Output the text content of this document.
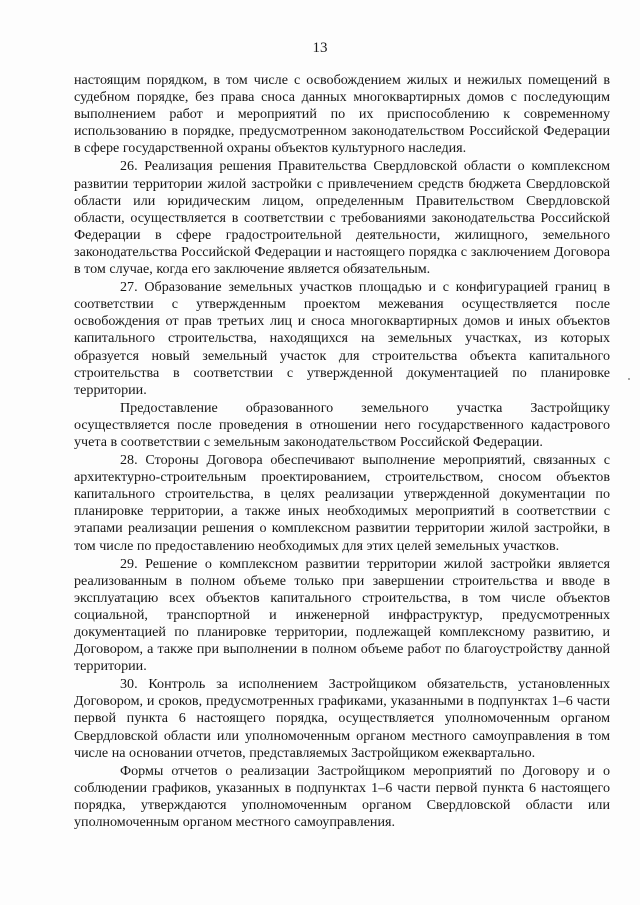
13

настоящим порядком, в том числе с освобождением жилых и нежилых помещений в судебном порядке, без права сноса данных многоквартирных домов с последующим выполнением работ и мероприятий по их приспособлению к современному использованию в порядке, предусмотренном законодательством Российской Федерации в сфере государственной охраны объектов культурного наследия.

26. Реализация решения Правительства Свердловской области о комплексном развитии территории жилой застройки с привлечением средств бюджета Свердловской области или юридическим лицом, определенным Правительством Свердловской области, осуществляется в соответствии с требованиями законодательства Российской Федерации в сфере градостроительной деятельности, жилищного, земельного законодательства Российской Федерации и настоящего порядка с заключением Договора в том случае, когда его заключение является обязательным.

27. Образование земельных участков площадью и с конфигурацией границ в соответствии с утвержденным проектом межевания осуществляется после освобождения от прав третьих лиц и сноса многоквартирных домов и иных объектов капитального строительства, находящихся на земельных участках, из которых образуется новый земельный участок для строительства объекта капитального строительства в соответствии с утвержденной документацией по планировке территории.

Предоставление образованного земельного участка Застройщику осуществляется после проведения в отношении него государственного кадастрового учета в соответствии с земельным законодательством Российской Федерации.

28. Стороны Договора обеспечивают выполнение мероприятий, связанных с архитектурно-строительным проектированием, строительством, сносом объектов капитального строительства, в целях реализации утвержденной документации по планировке территории, а также иных необходимых мероприятий в соответствии с этапами реализации решения о комплексном развитии территории жилой застройки, в том числе по предоставлению необходимых для этих целей земельных участков.

29. Решение о комплексном развитии территории жилой застройки является реализованным в полном объеме только при завершении строительства и вводе в эксплуатацию всех объектов капитального строительства, в том числе объектов социальной, транспортной и инженерной инфраструктур, предусмотренных документацией по планировке территории, подлежащей комплексному развитию, и Договором, а также при выполнении в полном объеме работ по благоустройству данной территории.

30. Контроль за исполнением Застройщиком обязательств, установленных Договором, и сроков, предусмотренных графиками, указанными в подпунктах 1–6 части первой пункта 6 настоящего порядка, осуществляется уполномоченным органом Свердловской области или уполномоченным органом местного самоуправления в том числе на основании отчетов, представляемых Застройщиком ежеквартально.

Формы отчетов о реализации Застройщиком мероприятий по Договору и о соблюдении графиков, указанных в подпунктах 1–6 части первой пункта 6 настоящего порядка, утверждаются уполномоченным органом Свердловской области или уполномоченным органом местного самоуправления.
